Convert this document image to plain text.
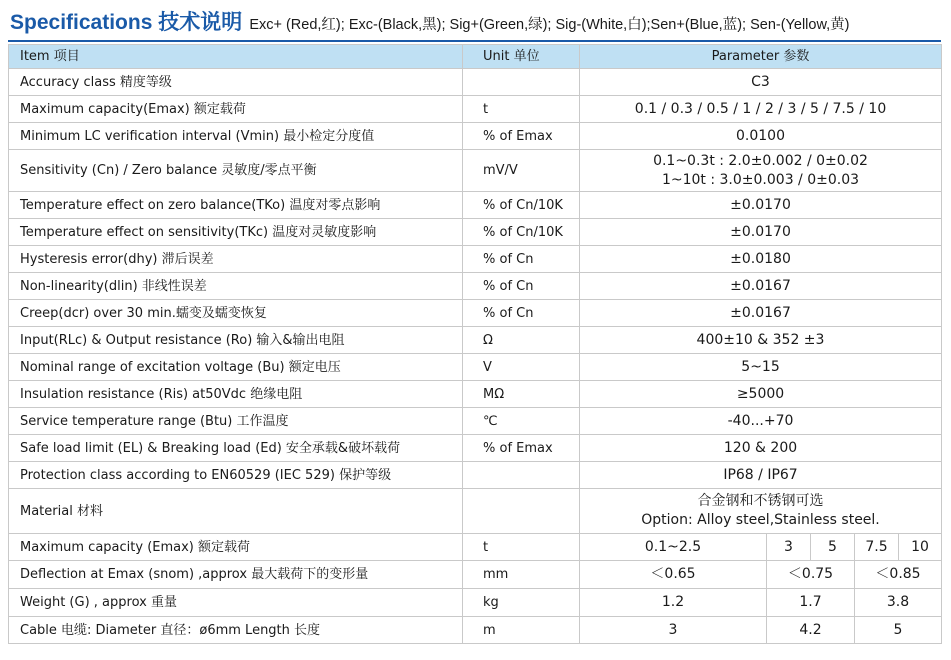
Specifications 技术说明 Exc+ (Red,红); Exc-(Black,黑); Sig+(Green,绿); Sig-(White,白);Sen+(Blue,蓝); Sen-(Yellow,黄)
Item 项目	Unit 单位	Parameter 参数				
Accuracy class 精度等级		C3				
Maximum capacity(Emax) 额定载荷	t	0.1 / 0.3 / 0.5 / 1 / 2 / 3 / 5 / 7.5 / 10				
Minimum LC verification interval (Vmin) 最小检定分度值	% of Emax	0.0100				
Sensitivity (Cn) / Zero balance 灵敏度/零点平衡	mV/V	0.1~0.3t : 2.0±0.002 / 0±0.02
1~10t : 3.0±0.003 / 0±0.03				

Temperature effect on zero balance(TKo) 温度对零点影响	% of Cn/10K	±0.0170				
Temperature effect on sensitivity(TKc) 温度对灵敏度影响	% of Cn/10K	±0.0170				
Hysteresis error(dhy) 滞后误差	% of Cn	±0.0180				
Non-linearity(dlin) 非线性误差	% of Cn	±0.0167				
Creep(dcr) over 30 min.蠕变及蠕变恢复	% of Cn	±0.0167				
Input(RLc) & Output resistance (Ro) 输入&输出电阻	Ω	400±10 & 352 ±3				
Nominal range of excitation voltage (Bu) 额定电压	V	5~15				
Insulation resistance (Ris) at50Vdc 绝缘电阻	MΩ	≥5000				
Service temperature range (Btu) 工作温度	℃	-40...+70				
Safe load limit (EL) & Breaking load (Ed) 安全承载&破坏载荷	% of Emax	120 & 200				
Protection class according to EN60529 (IEC 529) 保护等级		IP68 / IP67				
Material 材料		合金钢和不锈钢可选
Option: Alloy steel,Stainless steel.				

Maximum capacity (Emax) 额定载荷	t	0.1~2.5	3	5	7.5	10
Deflection at Emax (snom) ,approx 最大载荷下的变形量	mm	＜0.65	＜0.75		＜0.85	
Weight (G) , approx 重量	kg	1.2	1.7		3.8	
Cable 电缆: Diameter 直径：ø6mm Length 长度	m	3	4.2		5	
